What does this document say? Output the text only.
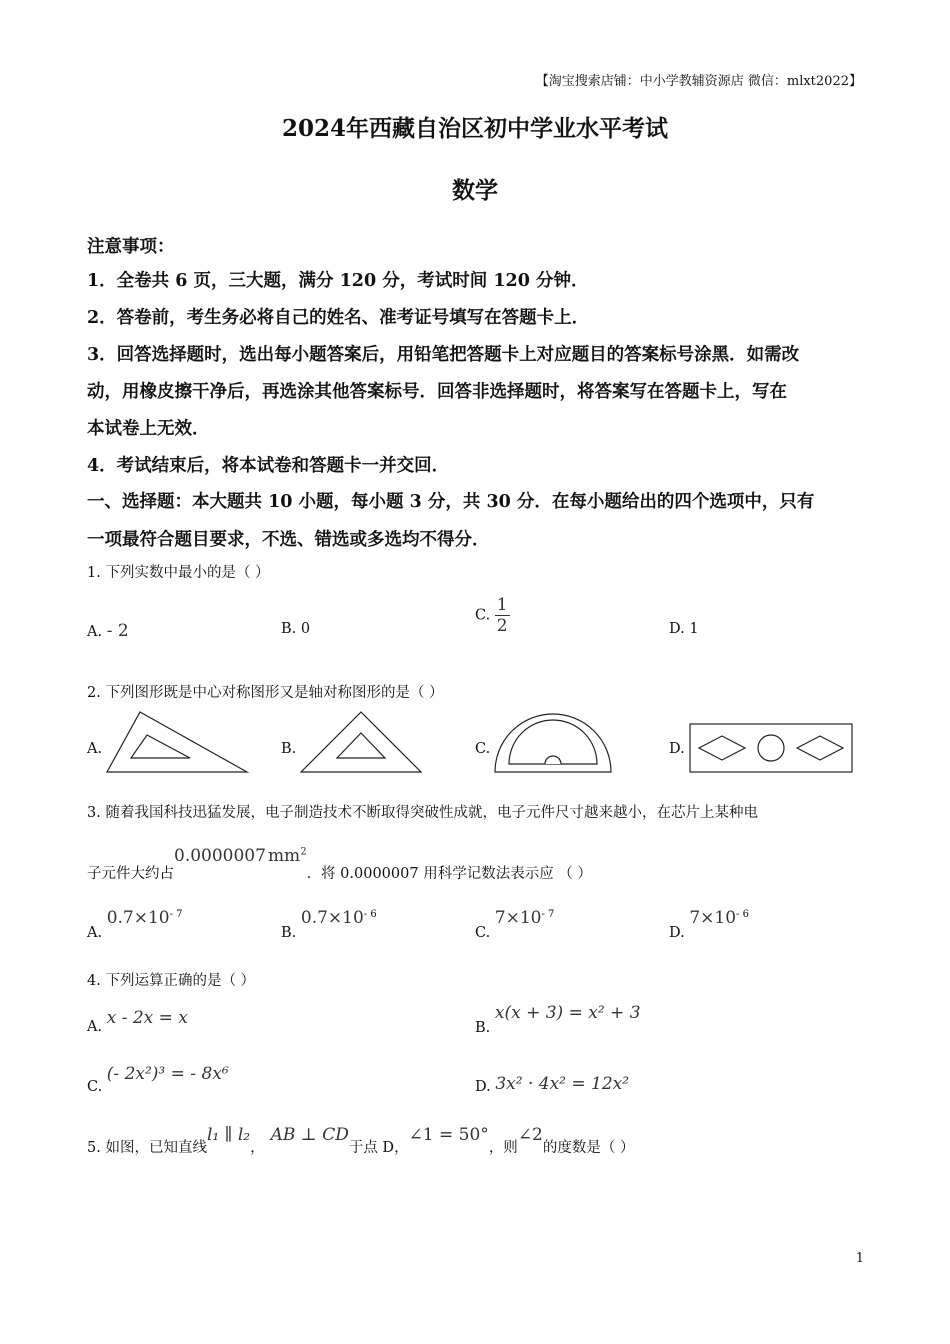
【淘宝搜索店铺：中小学教辅资源店 微信：mlxt2022】
2024年西藏自治区初中学业水平考试
数学
注意事项：
1．全卷共 6 页，三大题，满分 120 分，考试时间 120 分钟．
2．答卷前，考生务必将自己的姓名、准考证号填写在答题卡上．
3．回答选择题时，选出每小题答案后，用铅笔把答题卡上对应题目的答案标号涂黑．如需改
动，用橡皮擦干净后，再选涂其他答案标号．回答非选择题时，将答案写在答题卡上，写在
本试卷上无效．
4．考试结束后，将本试卷和答题卡一并交回．
一、选择题：本大题共 10 小题，每小题 3 分，共 30 分．在每小题给出的四个选项中，只有
一项最符合题目要求，不选、错选或多选均不得分．
1. 下列实数中最小的是（ ）
A. - 2	B. 0
C. $\frac{1}{2}$	D. 1
2. 下列图形既是中心对称图形又是轴对称图形的是（ ）
A.	B.	C.	D.
3. 随着我国科技迅猛发展，电子制造技术不断取得突破性成就，电子元件尺寸越来越小，在芯片上某种电
子元件大约占0.0000007 $mm^2$．将 0.0000007 用科学记数法表示应 （ ）
A. $0.7\times 10^{- 7}$
B. $0.7\times 10^{- 6}$
C. $7\times 10^{- 7}$
D. $7\times 10^{- 6}$
4. 下列运算正确的是（ ）
A. x - 2x = x	B. x(x + 3) = x² + 3
C. (- 2x²)³ = - 8x⁶
D. 3x² · 4x² = 12x²
5. 如图，已知直线l₁ ∥ l₂，AB ⊥ CD于点 D，∠1 = 50°，则∠2的度数是（ ）
1
